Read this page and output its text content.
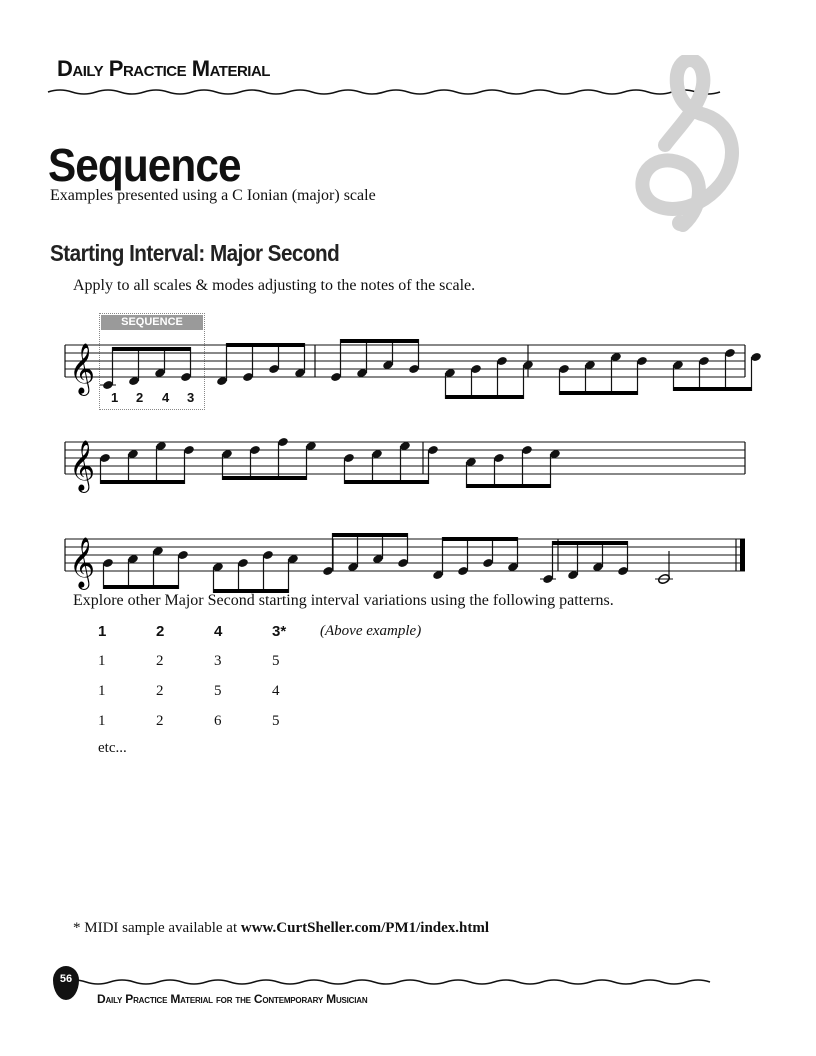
Daily Practice Material
Sequence
Examples presented using a C Ionian (major) scale
Starting Interval: Major Second
Apply to all scales & modes adjusting to the notes of the scale.
SEQUENCE
𝄞
𝄞
𝄞
1 2 4 3
Explore other Major Second starting interval variations using the following patterns.
1	2	4	3*	(Above example)
1	2	3	5	
1	2	5	4	
1	2	6	5	
etc...
* MIDI sample available at www.CurtSheller.com/PM1/index.html
56
Daily Practice Material for the Contemporary Musician
